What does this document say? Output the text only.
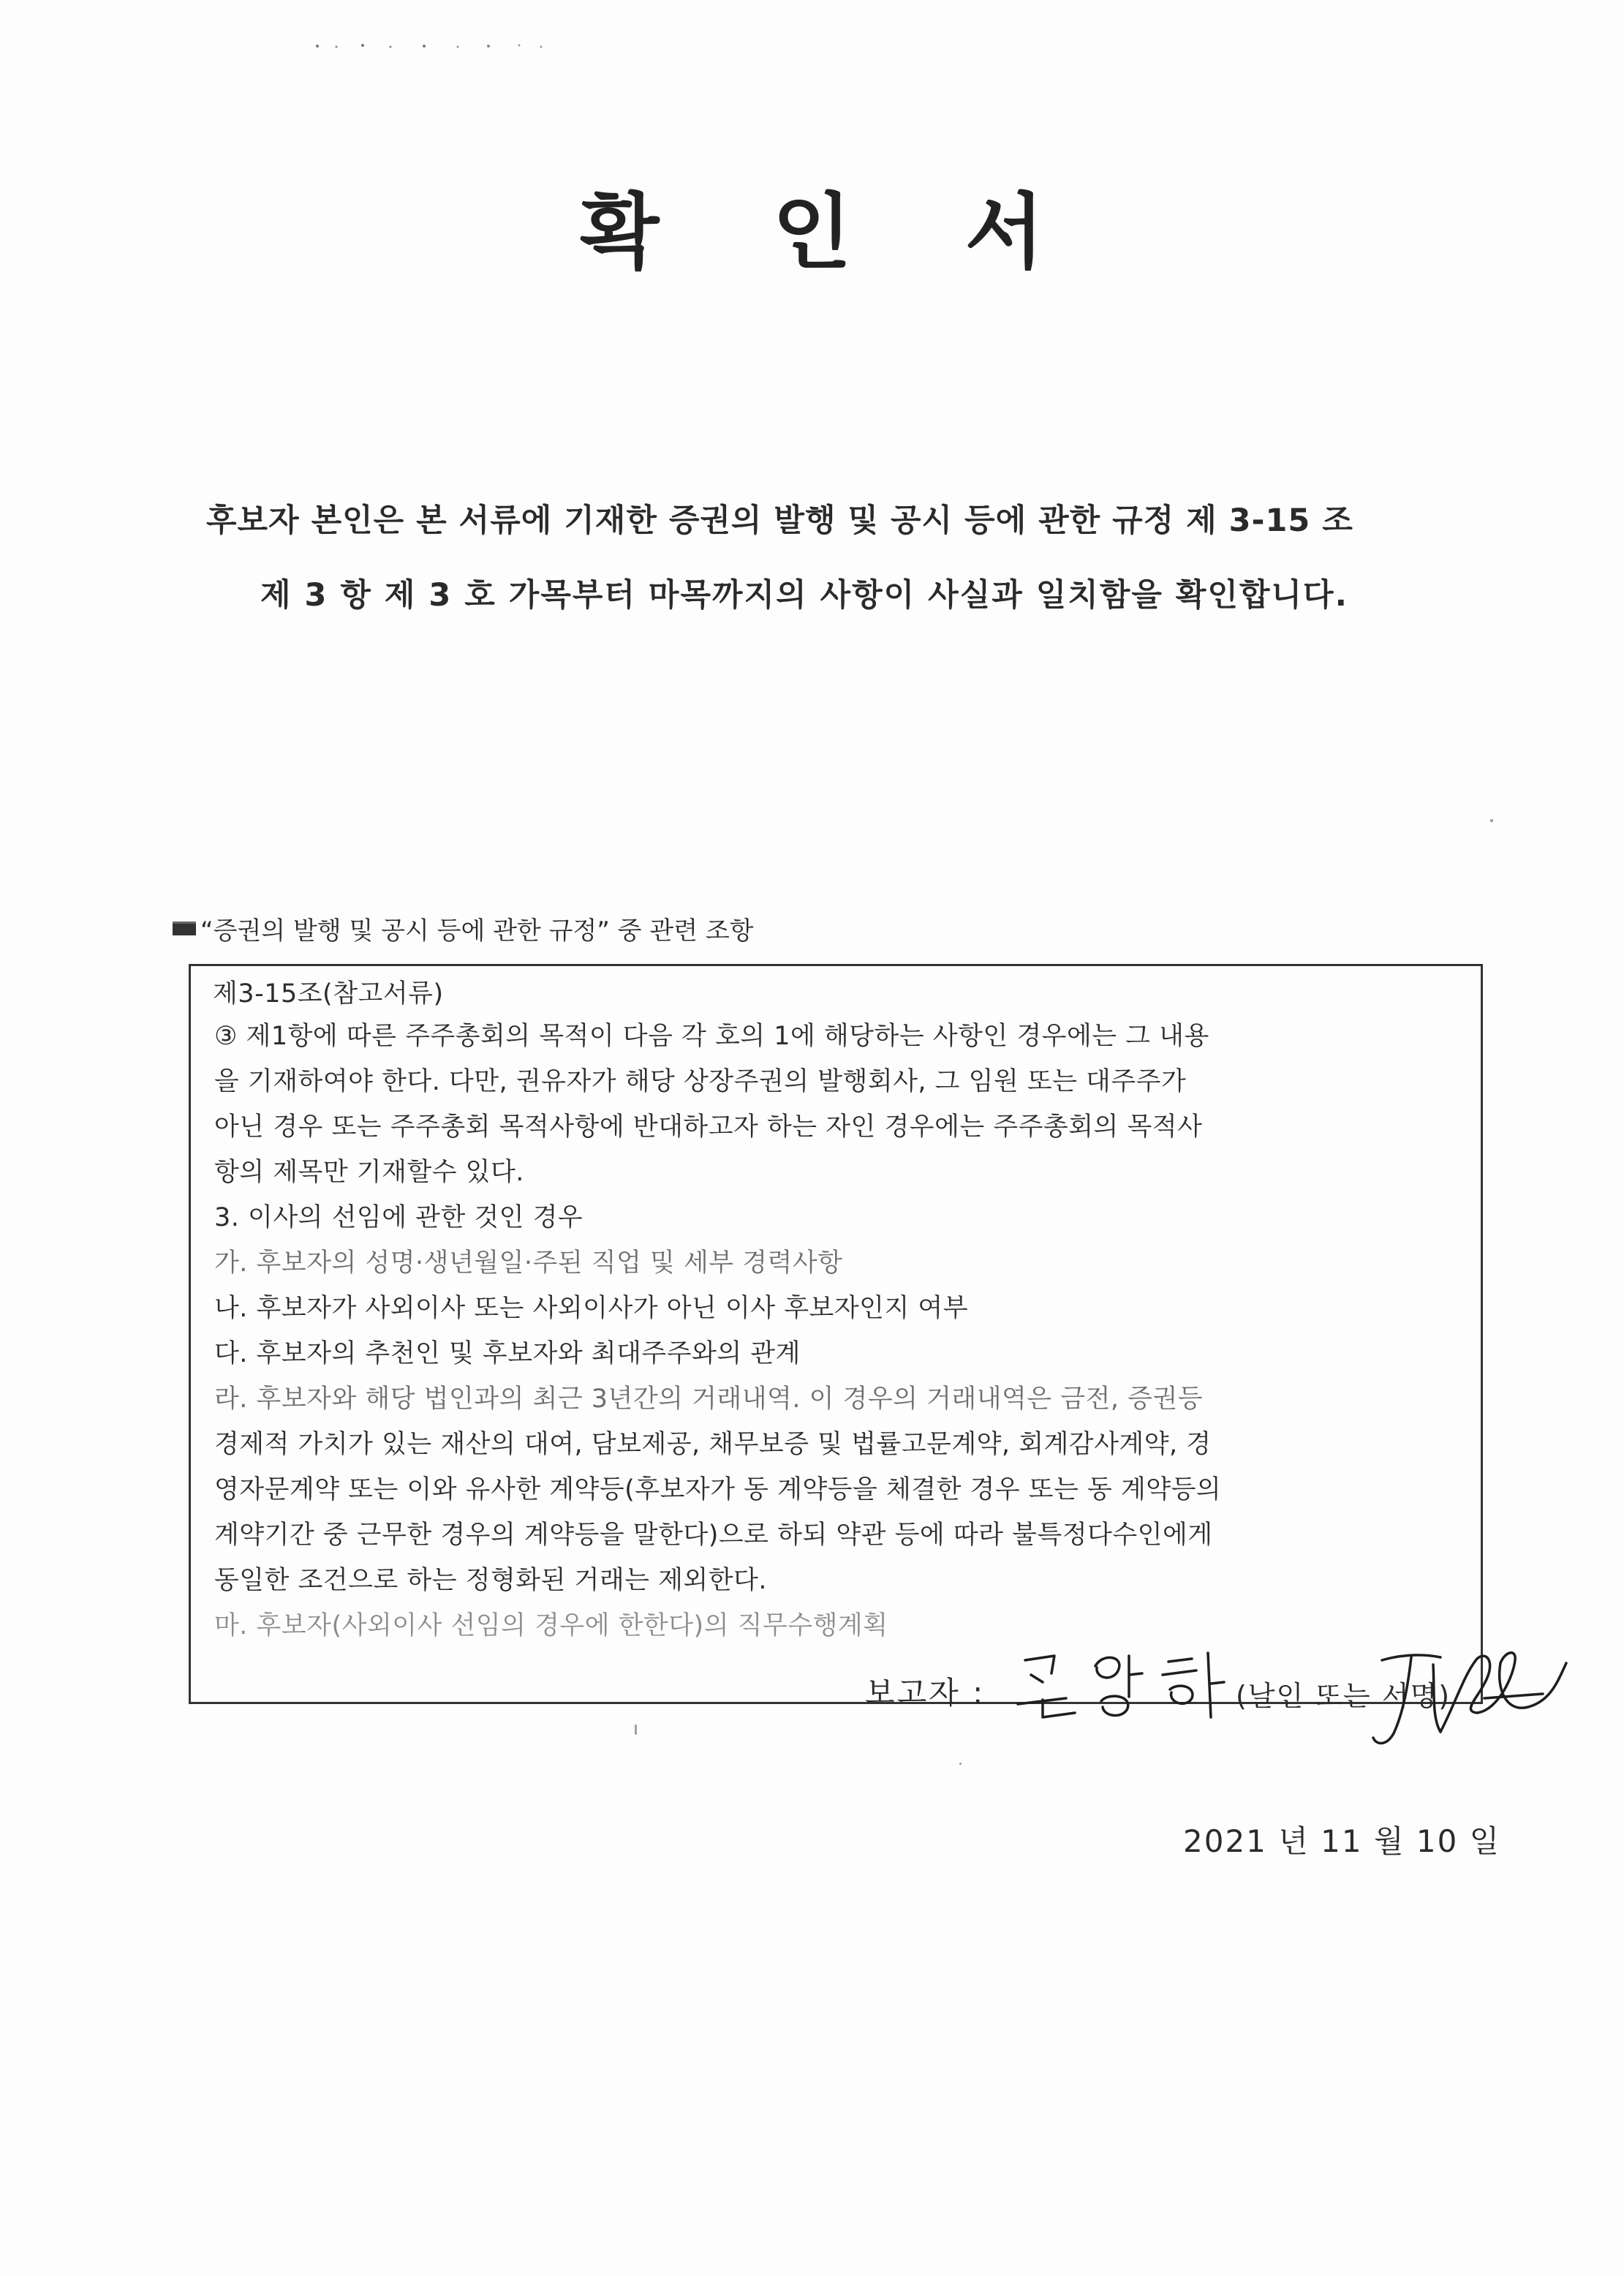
확 인 서
후보자 본인은 본 서류에 기재한 증권의 발행 및 공시 등에 관한 규정 제 3-15 조
제 3 항 제 3 호 가목부터 마목까지의 사항이 사실과 일치함을 확인합니다.
“증권의 발행 및 공시 등에 관한 규정” 중 관련 조항
제3-15조(참고서류)
③ 제1항에 따른 주주총회의 목적이 다음 각 호의 1에 해당하는 사항인 경우에는 그 내용
을 기재하여야 한다. 다만, 권유자가 해당 상장주권의 발행회사, 그 임원 또는 대주주가
아닌 경우 또는 주주총회 목적사항에 반대하고자 하는 자인 경우에는 주주총회의 목적사
항의 제목만 기재할수 있다.
3. 이사의 선임에 관한 것인 경우
가. 후보자의 성명·생년월일·주된 직업 및 세부 경력사항
나. 후보자가 사외이사 또는 사외이사가 아닌 이사 후보자인지 여부
다. 후보자의 추천인 및 후보자와 최대주주와의 관계
라. 후보자와 해당 법인과의 최근 3년간의 거래내역. 이 경우의 거래내역은 금전, 증권등
경제적 가치가 있는 재산의 대여, 담보제공, 채무보증 및 법률고문계약, 회계감사계약, 경
영자문계약 또는 이와 유사한 계약등(후보자가 동 계약등을 체결한 경우 또는 동 계약등의
계약기간 중 근무한 경우의 계약등을 말한다)으로 하되 약관 등에 따라 불특정다수인에게
동일한 조건으로 하는 정형화된 거래는 제외한다.
마. 후보자(사외이사 선임의 경우에 한한다)의 직무수행계획
2021 년 11 월 10 일
보고자 :	(날인 또는 서명)
